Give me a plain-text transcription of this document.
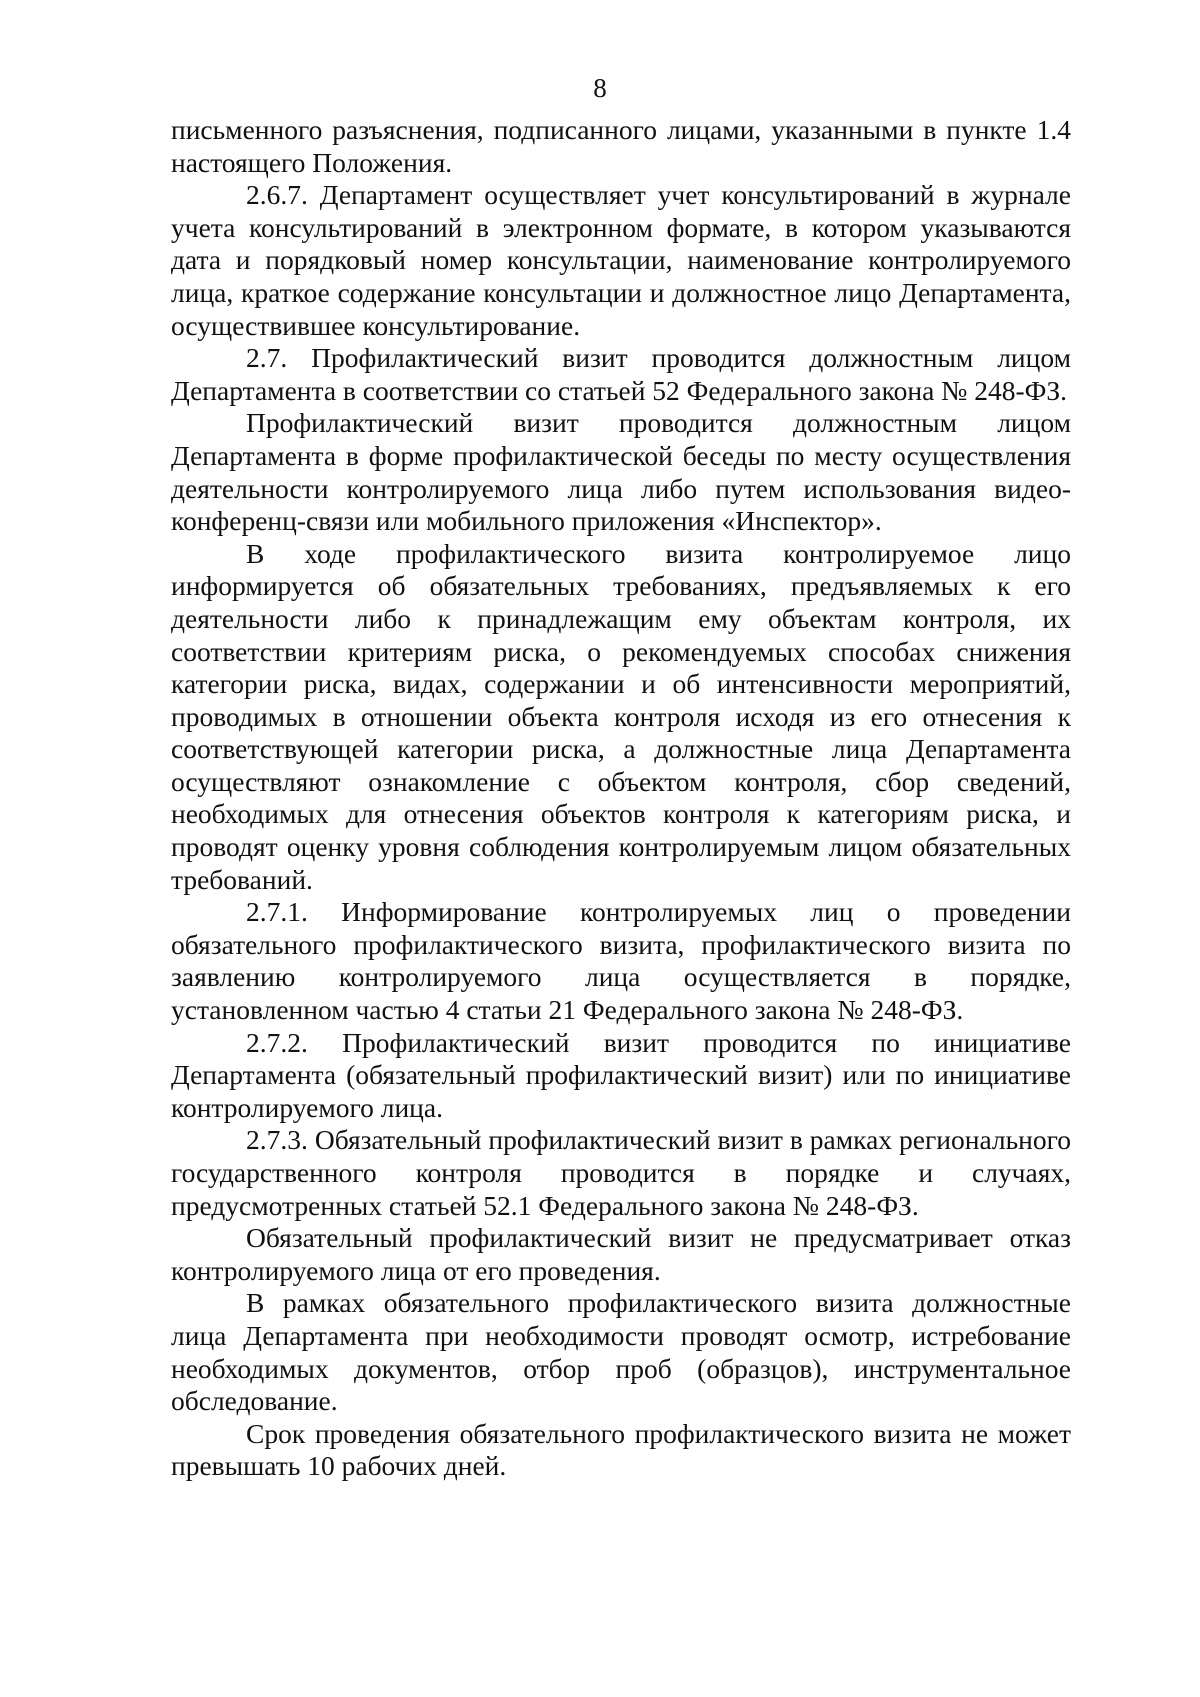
8

письменного разъяснения, подписанного лицами, указанными в пункте 1.4 настоящего Положения.

2.6.7. Департамент осуществляет учет консультирований в журнале учета консультирований в электронном формате, в котором указываются дата и порядковый номер консультации, наименование контролируемого лица, краткое содержание консультации и должностное лицо Департамента, осуществившее консультирование.

2.7. Профилактический визит проводится должностным лицом Департамента в соответствии со статьей 52 Федерального закона № 248-ФЗ.

Профилактический визит проводится должностным лицом Департамента в форме профилактической беседы по месту осуществления деятельности контролируемого лица либо путем использования видео-конференц-связи или мобильного приложения «Инспектор».

В ходе профилактического визита контролируемое лицо информируется об обязательных требованиях, предъявляемых к его деятельности либо к принадлежащим ему объектам контроля, их соответствии критериям риска, о рекомендуемых способах снижения категории риска, видах, содержании и об интенсивности мероприятий, проводимых в отношении объекта контроля исходя из его отнесения к соответствующей категории риска, а должностные лица Департамента осуществляют ознакомление с объектом контроля, сбор сведений, необходимых для отнесения объектов контроля к категориям риска, и проводят оценку уровня соблюдения контролируемым лицом обязательных требований.

2.7.1. Информирование контролируемых лиц о проведении обязательного профилактического визита, профилактического визита по заявлению контролируемого лица осуществляется в порядке, установленном частью 4 статьи 21 Федерального закона № 248-ФЗ.

2.7.2. Профилактический визит проводится по инициативе Департамента (обязательный профилактический визит) или по инициативе контролируемого лица.

2.7.3. Обязательный профилактический визит в рамках регионального государственного контроля проводится в порядке и случаях, предусмотренных статьей 52.1 Федерального закона № 248-ФЗ.

Обязательный профилактический визит не предусматривает отказ контролируемого лица от его проведения.

В рамках обязательного профилактического визита должностные лица Департамента при необходимости проводят осмотр, истребование необходимых документов, отбор проб (образцов), инструментальное обследование.

Срок проведения обязательного профилактического визита не может превышать 10 рабочих дней.
